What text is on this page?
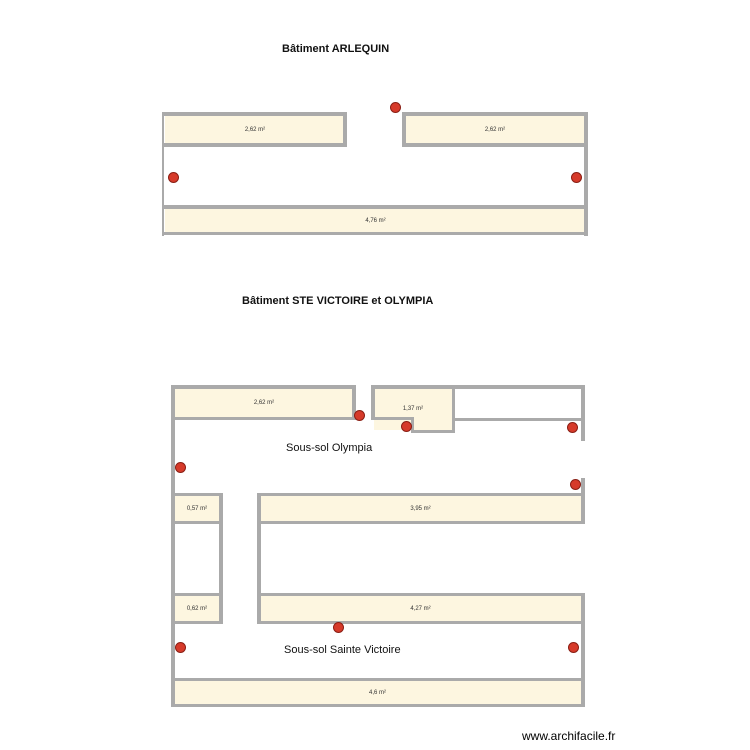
Bâtiment ARLEQUIN
Bâtiment STE VICTOIRE et OLYMPIA
2,62 m²	2,62 m²
4,76 m²
2,62 m²
1,37 m²
0,57 m²	3,95 m²
0,62 m²	4,27 m²
4,6 m²
Sous-sol Olympia
Sous-sol Sainte Victoire
www.archifacile.fr
